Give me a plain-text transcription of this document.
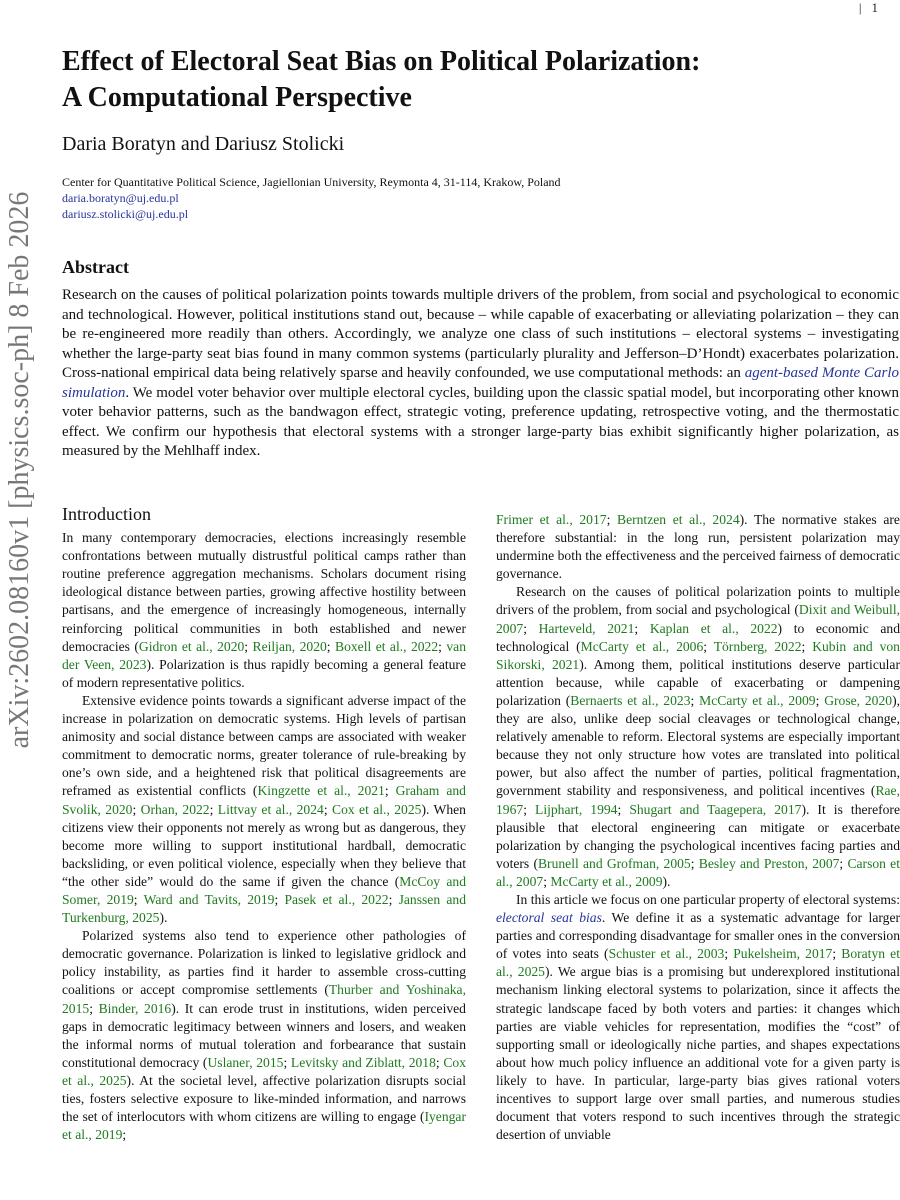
arXiv:2602.08160v1 [physics.soc-ph] 8 Feb 2026
| 1
Effect of Electoral Seat Bias on Political Polarization:
A Computational Perspective
Daria Boratyn and Dariusz Stolicki
Center for Quantitative Political Science, Jagiellonian University, Reymonta 4, 31-114, Krakow, Poland
daria.boratyn@uj.edu.pl
dariusz.stolicki@uj.edu.pl
Abstract

Research on the causes of political polarization points towards multiple drivers of the problem, from social and psychological to economic and technological. However, political institutions stand out, because – while capable of exacerbating or alleviating polarization – they can be re-engineered more readily than others. Accordingly, we analyze one class of such institutions – electoral systems – investigating whether the large-party seat bias found in many common systems (particularly plurality and Jefferson–D’Hondt) exacerbates polarization. Cross-national empirical data being relatively sparse and heavily confounded, we use computational methods: an agent-based Monte Carlo simulation. We model voter behavior over multiple electoral cycles, building upon the classic spatial model, but incorporating other known voter behavior patterns, such as the bandwagon effect, strategic voting, preference updating, retrospective voting, and the thermostatic effect. We confirm our hypothesis that electoral systems with a stronger large-party bias exhibit significantly higher polarization, as measured by the Mehlhaff index.

Introduction

In many contemporary democracies, elections increasingly resemble confrontations between mutually distrustful political camps rather than routine preference aggregation mechanisms. Scholars document rising ideological distance between parties, growing affective hostility between partisans, and the emergence of increasingly homogeneous, internally reinforcing political communities in both established and newer democracies (Gidron et al., 2020; Reiljan, 2020; Boxell et al., 2022; van der Veen, 2023). Polarization is thus rapidly becoming a general feature of modern representative politics.

Extensive evidence points towards a significant adverse impact of the increase in polarization on democratic systems. High levels of partisan animosity and social distance between camps are associated with weaker commitment to democratic norms, greater tolerance of rule-breaking by one’s own side, and a heightened risk that political disagreements are reframed as existential conflicts (Kingzette et al., 2021; Graham and Svolik, 2020; Orhan, 2022; Littvay et al., 2024; Cox et al., 2025). When citizens view their opponents not merely as wrong but as dangerous, they become more willing to support institutional hardball, democratic backsliding, or even political violence, especially when they believe that “the other side” would do the same if given the chance (McCoy and Somer, 2019; Ward and Tavits, 2019; Pasek et al., 2022; Janssen and Turkenburg, 2025).

Polarized systems also tend to experience other pathologies of democratic governance. Polarization is linked to legislative gridlock and policy instability, as parties find it harder to assemble cross-cutting coalitions or accept compromise settlements (Thurber and Yoshinaka, 2015; Binder, 2016). It can erode trust in institutions, widen perceived gaps in democratic legitimacy between winners and losers, and weaken the informal norms of mutual toleration and forbearance that sustain constitutional democracy (Uslaner, 2015; Levitsky and Ziblatt, 2018; Cox et al., 2025). At the societal level, affective polarization disrupts social ties, fosters selective exposure to like-minded information, and narrows the set of interlocutors with whom citizens are willing to engage (Iyengar et al., 2019;

Frimer et al., 2017; Berntzen et al., 2024). The normative stakes are therefore substantial: in the long run, persistent polarization may undermine both the effectiveness and the perceived fairness of democratic governance.

Research on the causes of political polarization points to multiple drivers of the problem, from social and psychological (Dixit and Weibull, 2007; Harteveld, 2021; Kaplan et al., 2022) to economic and technological (McCarty et al., 2006; Törnberg, 2022; Kubin and von Sikorski, 2021). Among them, political institutions deserve particular attention because, while capable of exacerbating or dampening polarization (Bernaerts et al., 2023; McCarty et al., 2009; Grose, 2020), they are also, unlike deep social cleavages or technological change, relatively amenable to reform. Electoral systems are especially important because they not only structure how votes are translated into political power, but also affect the number of parties, political fragmentation, government stability and responsiveness, and political incentives (Rae, 1967; Lijphart, 1994; Shugart and Taagepera, 2017). It is therefore plausible that electoral engineering can mitigate or exacerbate polarization by changing the psychological incentives facing parties and voters (Brunell and Grofman, 2005; Besley and Preston, 2007; Carson et al., 2007; McCarty et al., 2009).

In this article we focus on one particular property of electoral systems: electoral seat bias. We define it as a systematic advantage for larger parties and corresponding disadvantage for smaller ones in the conversion of votes into seats (Schuster et al., 2003; Pukelsheim, 2017; Boratyn et al., 2025). We argue bias is a promising but underexplored institutional mechanism linking electoral systems to polarization, since it affects the strategic landscape faced by both voters and parties: it changes which parties are viable vehicles for representation, modifies the “cost” of supporting small or ideologically niche parties, and shapes expectations about how much policy influence an additional vote for a given party is likely to have. In particular, large-party bias gives rational voters incentives to support large over small parties, and numerous studies document that voters respond to such incentives through the strategic desertion of unviable
